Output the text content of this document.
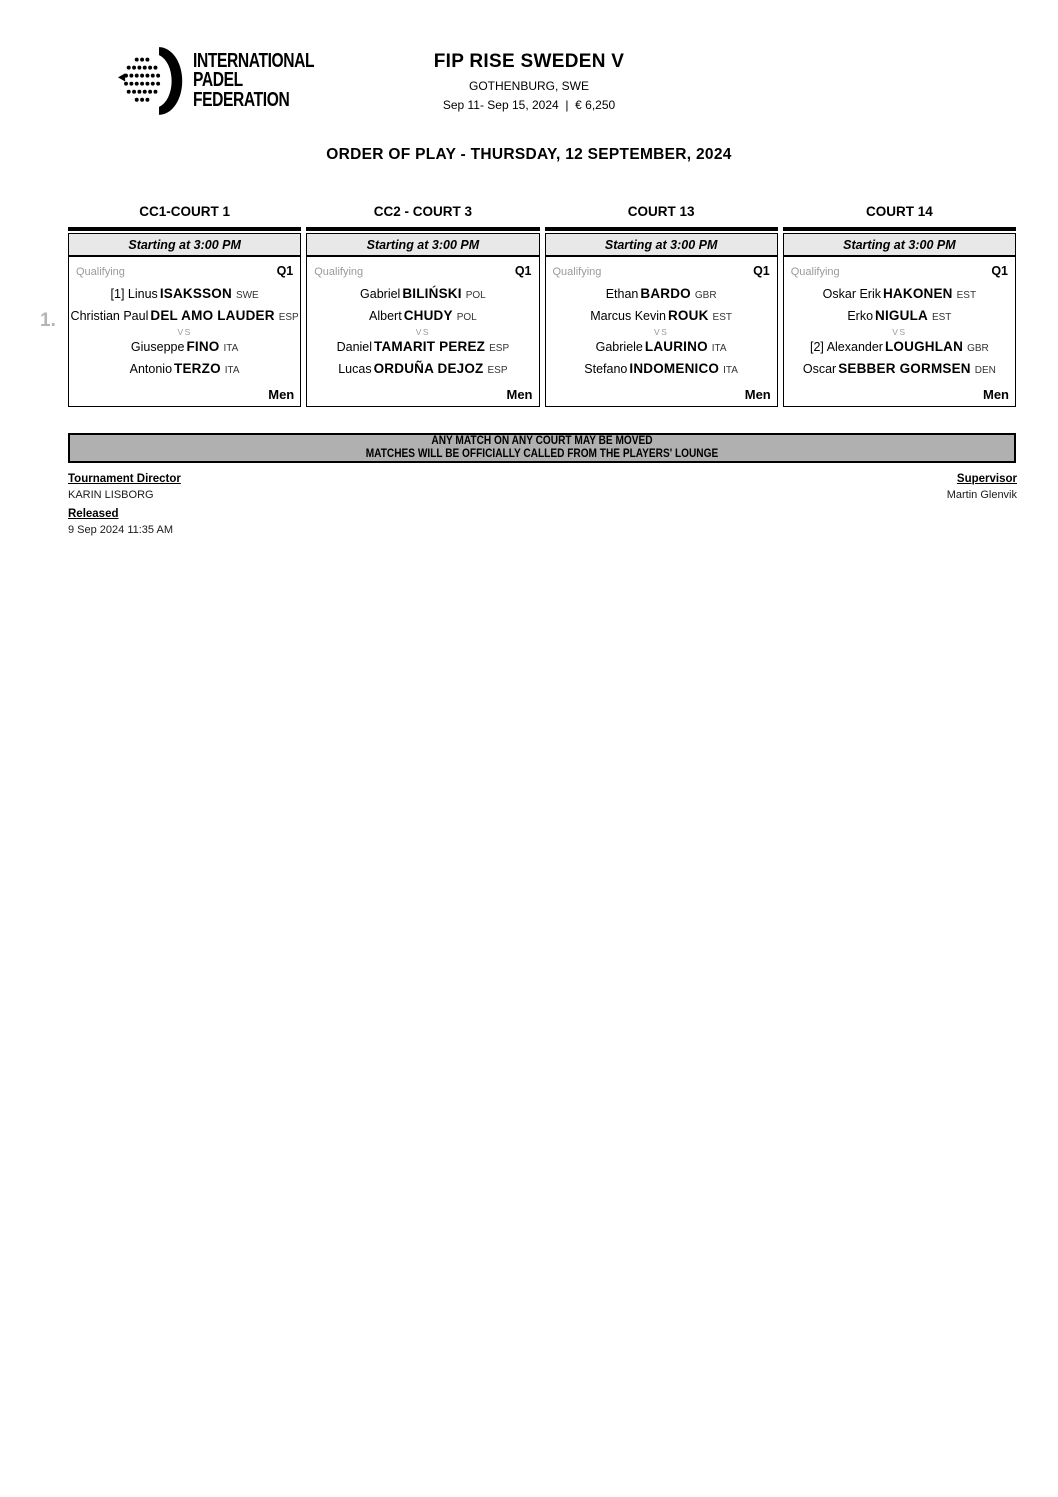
INTERNATIONAL
PADEL
FEDERATION
FIP RISE SWEDEN V
GOTHENBURG, SWE
Sep 11- Sep 15, 2024  |  € 6,250
ORDER OF PLAY - THURSDAY, 12 SEPTEMBER, 2024
1.
CC1-COURT 1
Starting at 3:00 PM
Qualifying	Q1
[1] Linus ISAKSSON SWE
Christian Paul DEL AMO LAUDER ESP
VS
Giuseppe FINO ITA
Antonio TERZO ITA
Men
CC2 - COURT 3
Starting at 3:00 PM
Qualifying	Q1
Gabriel BILIŃSKI POL
Albert CHUDY POL
VS
Daniel TAMARIT PEREZ ESP
Lucas ORDUÑA DEJOZ ESP
Men
COURT 13
Starting at 3:00 PM
Qualifying	Q1
Ethan BARDO GBR
Marcus Kevin ROUK EST
VS
Gabriele LAURINO ITA
Stefano INDOMENICO ITA
Men
COURT 14
Starting at 3:00 PM
Qualifying	Q1
Oskar Erik HAKONEN EST
Erko NIGULA EST
VS
[2] Alexander LOUGHLAN GBR
Oscar SEBBER GORMSEN DEN
Men
ANY MATCH ON ANY COURT MAY BE MOVED
MATCHES WILL BE OFFICIALLY CALLED FROM THE PLAYERS' LOUNGE
Tournament Director
KARIN LISBORG
Released
9 Sep 2024 11:35 AM
Supervisor
Martin Glenvik
